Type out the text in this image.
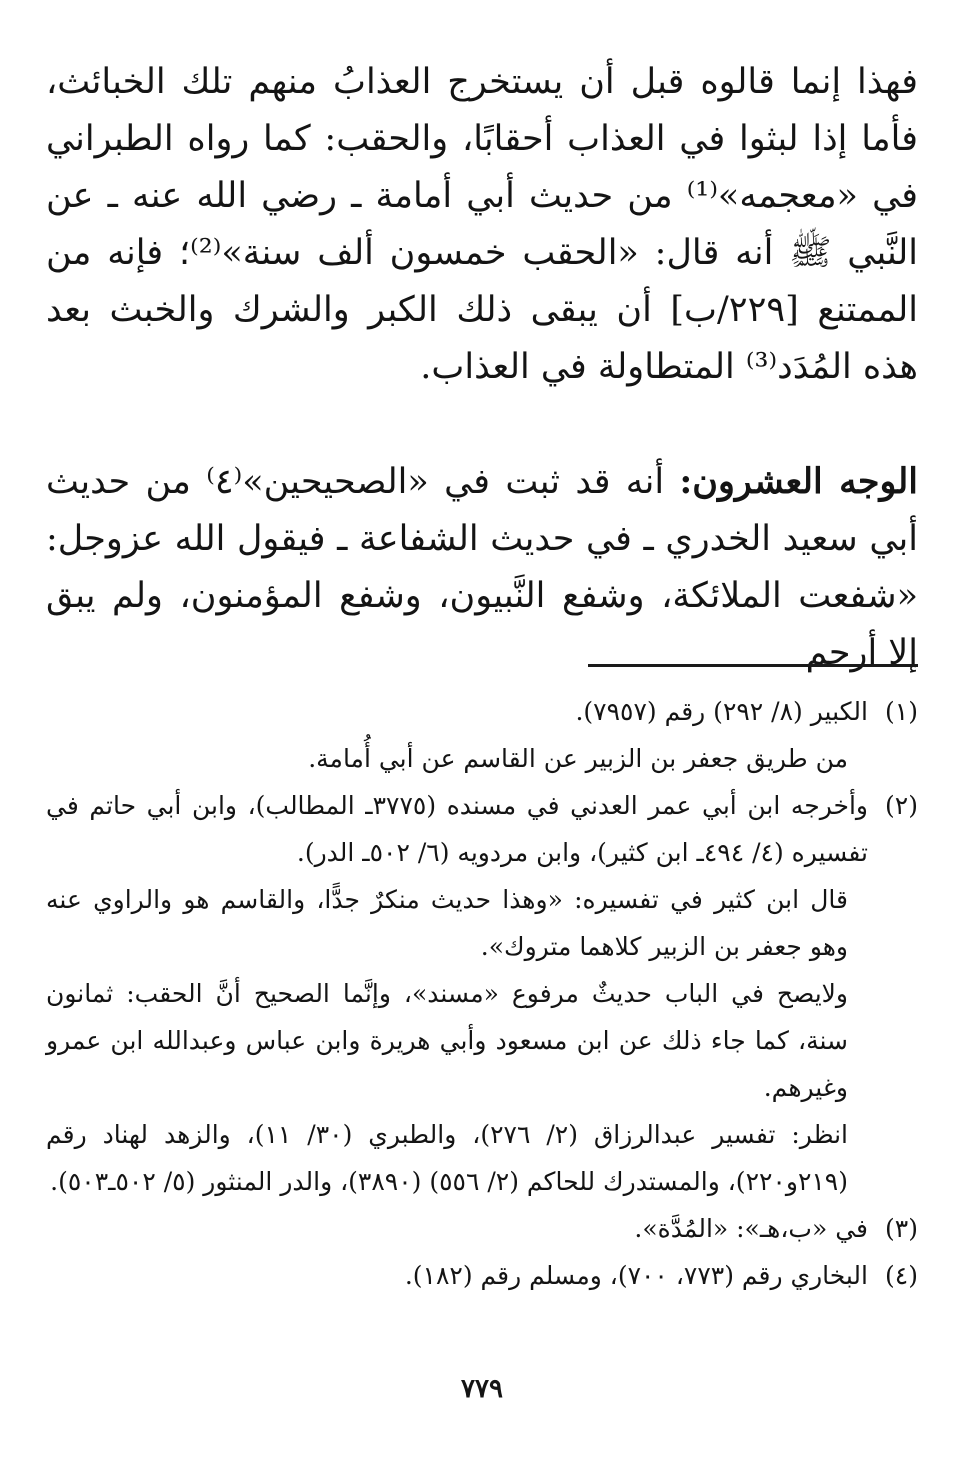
فهذا إنما قالوه قبل أن يستخرج العذابُ منهم تلك الخبائث، فأما إذا لبثوا في العذاب أحقابًا، والحقب: كما رواه الطبراني في «معجمه»⁽¹⁾ من حديث أبي أمامة ـ رضي الله عنه ـ عن النَّبي ﷺ أنه قال: «الحقب خمسون ألف سنة»⁽²⁾؛ فإنه من الممتنع [٢٢٩/ب] أن يبقى ذلك الكبر والشرك والخبث بعد هذه المُدَد⁽³⁾ المتطاولة في العذاب.

الوجه العشرون: أنه قد ثبت في «الصحيحين»⁽٤⁾ من حديث أبي سعيد الخدري ـ في حديث الشفاعة ـ فيقول الله عزوجل: «شفعت الملائكة، وشفع النَّبيون، وشفع المؤمنون، ولم يبق إلا أرحم

(١)
الكبير (٨/ ٢٩٢) رقم (٧٩٥٧).
من طريق جعفر بن الزبير عن القاسم عن أبي أُمامة.
(٢)
وأخرجه ابن أبي عمر العدني في مسنده (٣٧٧٥ـ المطالب)، وابن أبي حاتم في تفسيره (٤/ ٤٩٤ـ ابن كثير)، وابن مردويه (٦/ ٥٠٢ـ الدر).
قال ابن كثير في تفسيره: «وهذا حديث منكرٌ جدًّا، والقاسم هو والراوي عنه وهو جعفر بن الزبير كلاهما متروك».
ولايصح في الباب حديثٌ مرفوع «مسند»، وإنَّما الصحيح أنَّ الحقب: ثمانون سنة، كما جاء ذلك عن ابن مسعود وأبي هريرة وابن عباس وعبدالله ابن عمرو وغيرهم.
انظر: تفسير عبدالرزاق (٢/ ٢٧٦)، والطبري (٣٠/ ١١)، والزهد لهناد رقم (٢١٩و٢٢٠)، والمستدرك للحاكم (٢/ ٥٥٦) (٣٨٩٠)، والدر المنثور (٥/ ٥٠٢ـ٥٠٣).
(٣)
في «ب،هـ»: «المُدَّة».
(٤)
البخاري رقم (٧٧٣، ٧٠٠)، ومسلم رقم (١٨٢).
٧٧٩
